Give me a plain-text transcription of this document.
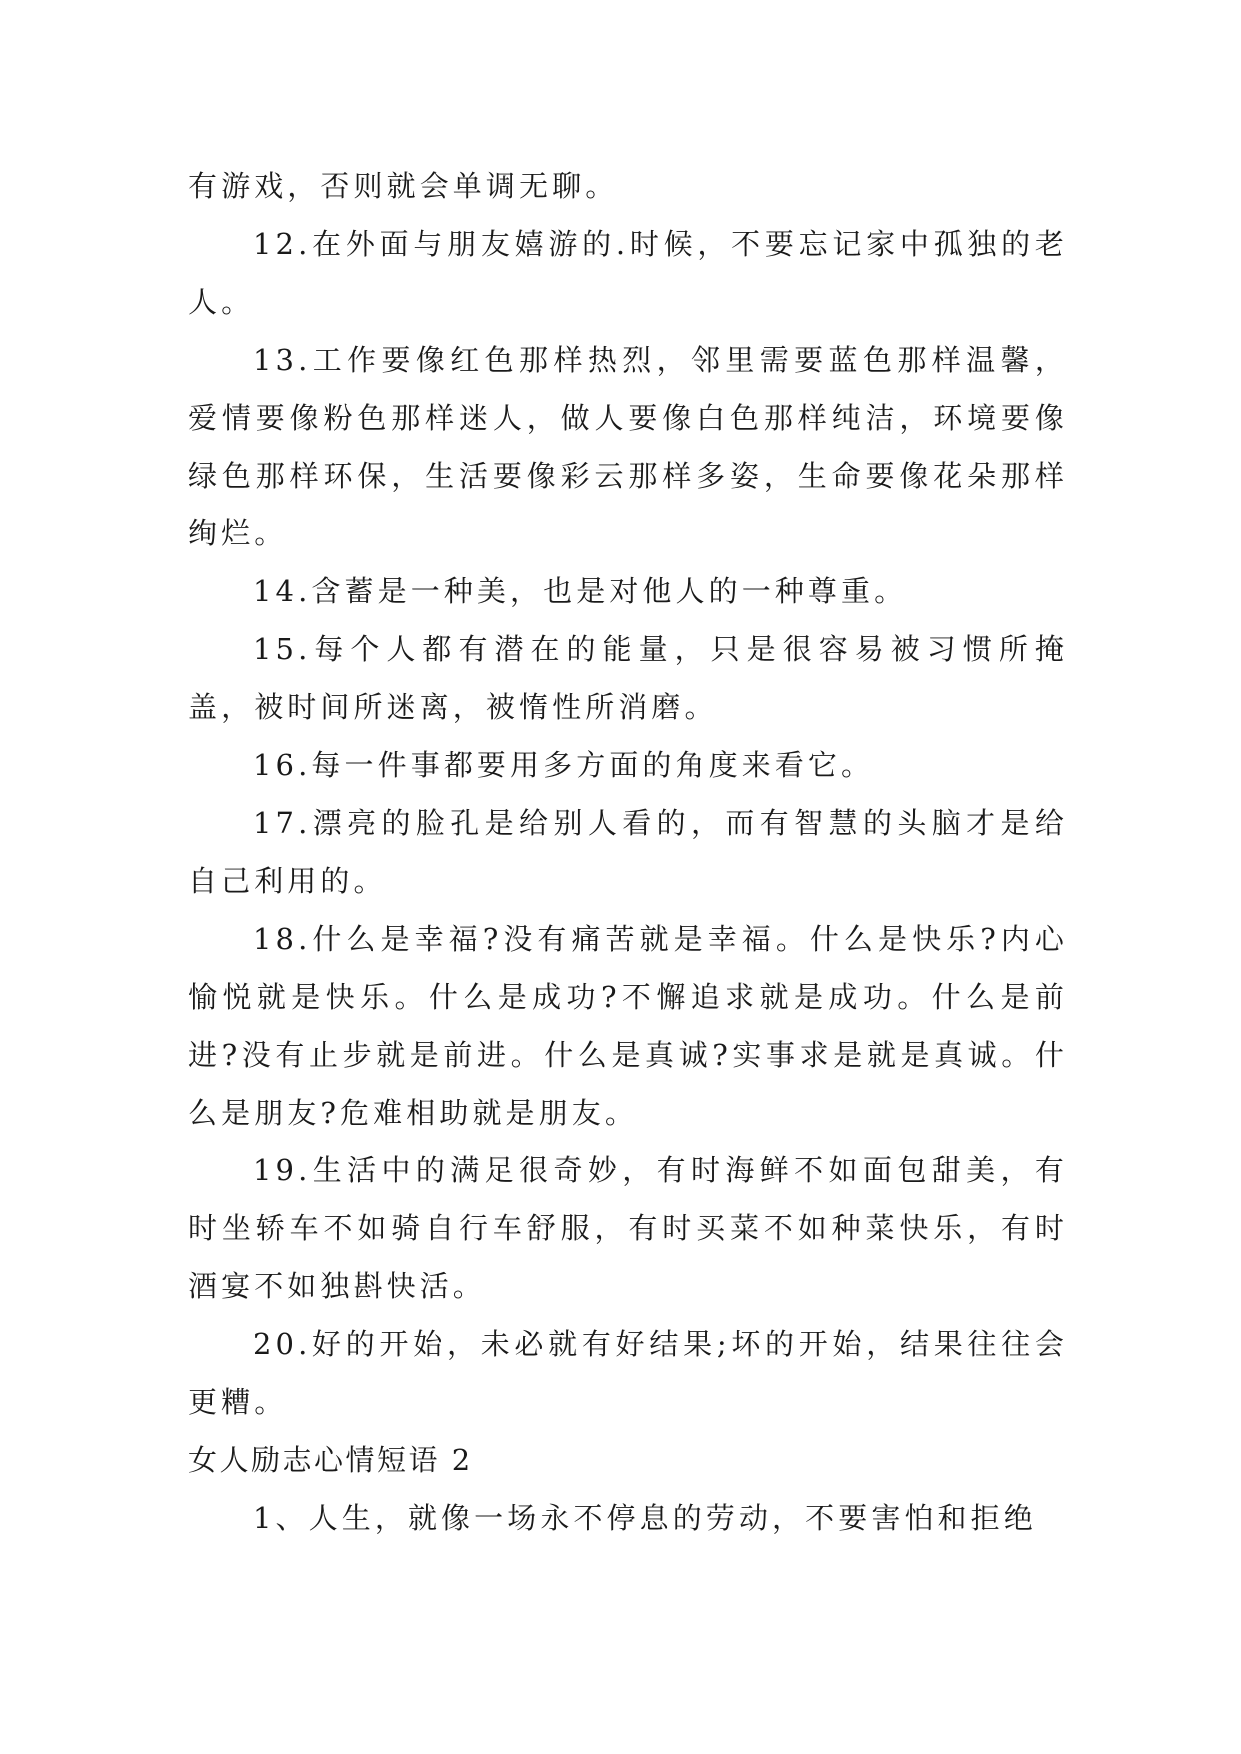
有游戏，否则就会单调无聊。

12.在外面与朋友嬉游的.时候，不要忘记家中孤独的老人。

13.工作要像红色那样热烈，邻里需要蓝色那样温馨，爱情要像粉色那样迷人，做人要像白色那样纯洁，环境要像绿色那样环保，生活要像彩云那样多姿，生命要像花朵那样绚烂。

14.含蓄是一种美，也是对他人的一种尊重。

15.每个人都有潜在的能量，只是很容易被习惯所掩盖，被时间所迷离，被惰性所消磨。

16.每一件事都要用多方面的角度来看它。

17.漂亮的脸孔是给别人看的，而有智慧的头脑才是给自己利用的。

18.什么是幸福?没有痛苦就是幸福。什么是快乐?内心愉悦就是快乐。什么是成功?不懈追求就是成功。什么是前进?没有止步就是前进。什么是真诚?实事求是就是真诚。什么是朋友?危难相助就是朋友。

19.生活中的满足很奇妙，有时海鲜不如面包甜美，有时坐轿车不如骑自行车舒服，有时买菜不如种菜快乐，有时酒宴不如独斟快活。

20.好的开始，未必就有好结果;坏的开始，结果往往会更糟。

女人励志心情短语 2

1、人生，就像一场永不停息的劳动，不要害怕和拒绝
